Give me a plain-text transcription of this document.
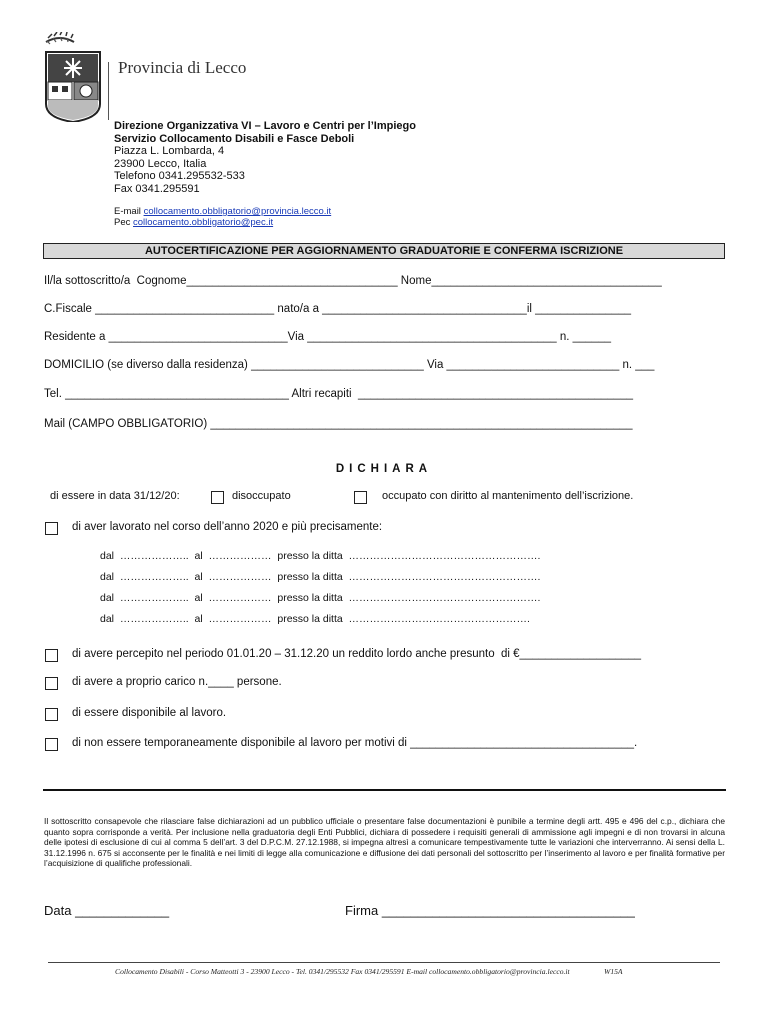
Provincia di Lecco
Direzione Organizzativa VI – Lavoro e Centri per l’Impiego
Servizio Collocamento Disabili e Fasce Deboli
Piazza L. Lombarda, 4
23900 Lecco, Italia
Telefono 0341.295532-533
Fax 0341.295591
E-mail collocamento.obbligatorio@provincia.lecco.it
Pec collocamento.obbligatorio@pec.it
AUTOCERTIFICAZIONE PER AGGIORNAMENTO GRADUATORIE E CONFERMA ISCRIZIONE
Il/la sottoscritto/a  Cognome_________________________________ Nome____________________________________
C.Fiscale ____________________________ nato/a a ________________________________il _______________
Residente a ____________________________Via _______________________________________ n. ______
DOMICILIO (se diverso dalla residenza) ___________________________ Via ___________________________ n. ___
Tel. ___________________________________ Altri recapiti  ___________________________________________
Mail (CAMPO OBBLIGATORIO) __________________________________________________________________
DICHIARA
di essere in data 31/12/20:	disoccupato	occupato con diritto al mantenimento dell’iscrizione.
di aver lavorato nel corso dell’anno 2020 e più precisamente:
dal  ………………..  al  ………………  presso la ditta  ……………………………………………….
dal  ………………..  al  ………………  presso la ditta  ……………………………………………….
dal  ………………..  al  ………………  presso la ditta  ……………………………………………….
dal  ………………..  al  ………………  presso la ditta  …………………………………………….
di avere percepito nel periodo 01.01.20 – 31.12.20 un reddito lordo anche presunto  di €___________________
di avere a proprio carico n.____ persone.
di essere disponibile al lavoro.
di non essere temporaneamente disponibile al lavoro per motivi di ___________________________________.
Il sottoscritto consapevole che rilasciare false dichiarazioni ad un pubblico ufficiale o presentare false documentazioni è punibile a termine degli artt. 495 e 496 del c.p., dichiara che quanto sopra corrisponde a verità. Per inclusione nella graduatoria degli Enti Pubblici, dichiara di possedere i requisiti generali di ammissione agli impegni e di non trovarsi in alcuna delle ipotesi di esclusione di cui al comma 5 dell’art. 3 del D.P.C.M. 27.12.1988, si impegna altresì a comunicare tempestivamente tutte le variazioni che interverranno. Ai sensi della L. 31.12.1996 n. 675 si acconsente per le finalità e nei limiti di legge alla comunicazione e diffusione dei dati personali del sottoscritto per l’inserimento al lavoro e per finalità formative per l’acquisizione di qualifiche professionali.
Data _____________	Firma ___________________________________
Collocamento Disabili - Corso Matteotti 3 - 23900 Lecco - Tel. 0341/295532 Fax 0341/295591 E-mail collocamento.obbligatorio@provincia.lecco.it	W15A
